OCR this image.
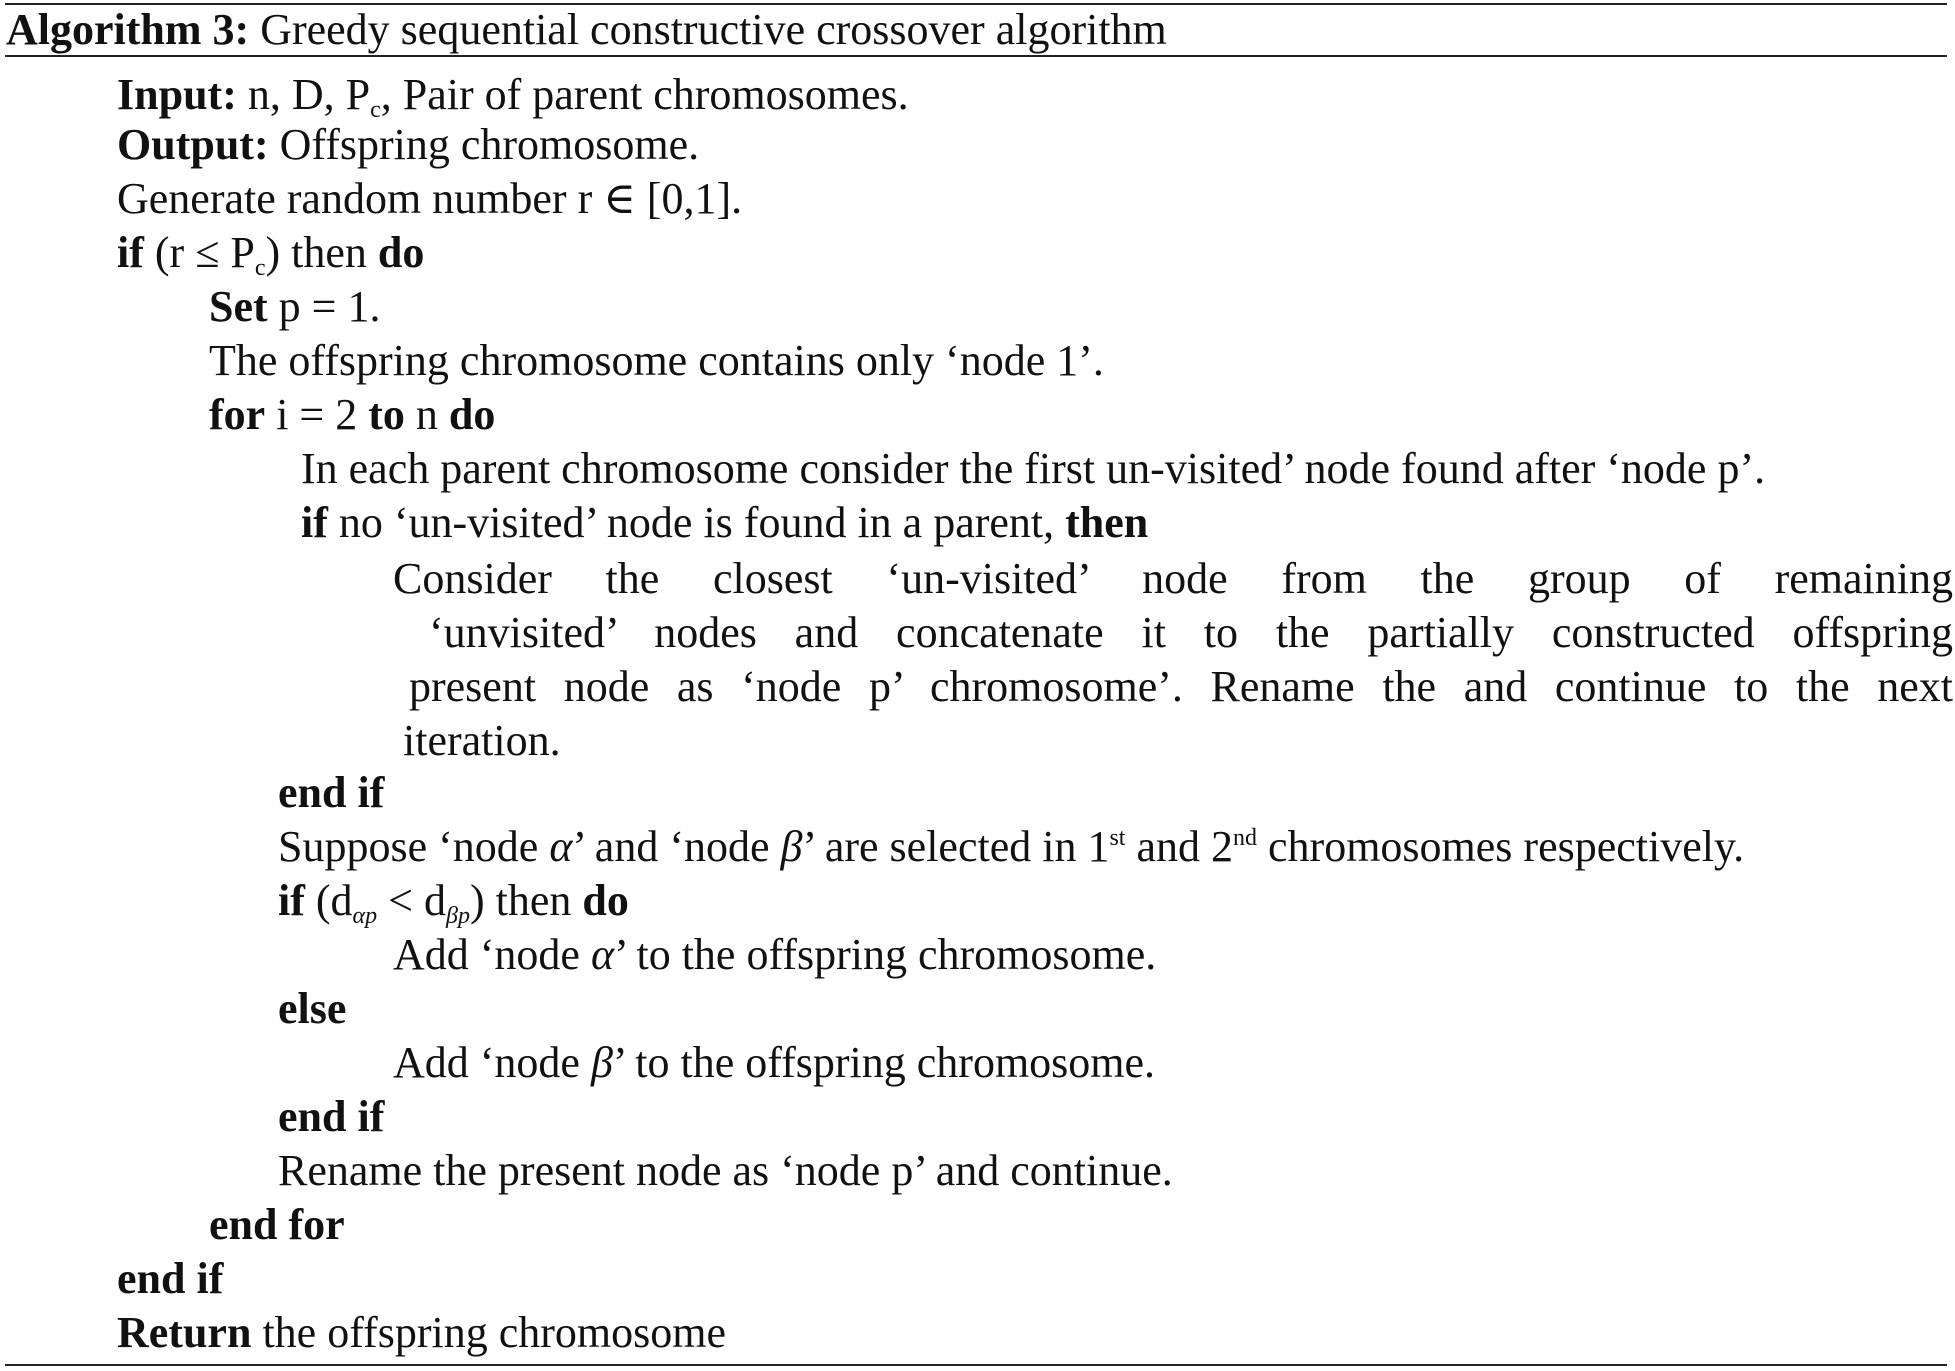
Algorithm 3: Greedy sequential constructive crossover algorithm
Input: n, D, $P_c$, Pair of parent chromosomes.
Output: Offspring chromosome.
Generate random number r ∈ [0,1].
if $(r \le P_c)$ then do
Set p = 1.
The offspring chromosome contains only ‘node 1’.
for i = 2 to n do
In each parent chromosome consider the first un-visited’ node found after ‘node p’.
if no ‘un-visited’ node is found in a parent, then
Consider the closest ‘un-visited’ node from the group of remaining
‘unvisited’ nodes and concatenate it to the partially constructed offspring
present node as ‘node p’ chromosome’. Rename the and continue to the next
iteration.
end if
Suppose ‘node α’ and ‘node β’ are selected in 1st and 2nd chromosomes respectively.
if (dαp < dβp) then do
Add ‘node α’ to the offspring chromosome.
else
Add ‘node β’ to the offspring chromosome.
end if
Rename the present node as ‘node p’ and continue.
end for
end if
Return the offspring chromosome
